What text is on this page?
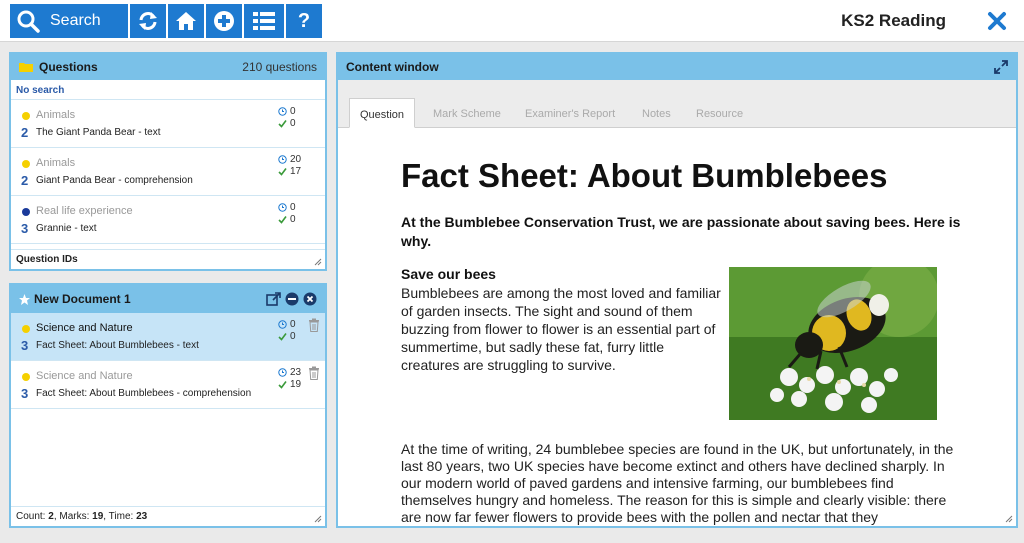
Search	?	KS2 Reading
Questions	210 questions
No search
Animals
2 The Giant Panda Bear - text
0
0
Animals
2 Giant Panda Bear - comprehension
20
17
Real life experience
3 Grannie - text
0
0
Question IDs
New Document 1
Science and Nature
3 Fact Sheet: About Bumblebees - text
0
0
Science and Nature
3 Fact Sheet: About Bumblebees - comprehension
23
19
Count: 2, Marks: 19, Time: 23
Content window
Question	Mark Scheme	Examiner's Report	Notes	Resource
Fact Sheet: About Bumblebees
At the Bumblebee Conservation Trust, we are passionate about saving bees. Here is why.
Save our bees
Bumblebees are among the most loved and familiar of garden insects. The sight and sound of them buzzing from flower to flower is an essential part of summertime, but sadly these fat, furry little creatures are struggling to survive.
At the time of writing, 24 bumblebee species are found in the UK, but unfortunately, in the last 80 years, two UK species have become extinct and others have declined sharply. In our modern world of paved gardens and intensive farming, our bumblebees find themselves hungry and homeless. The reason for this is simple and clearly visible: there are now far fewer flowers to provide bees with the pollen and nectar that they
